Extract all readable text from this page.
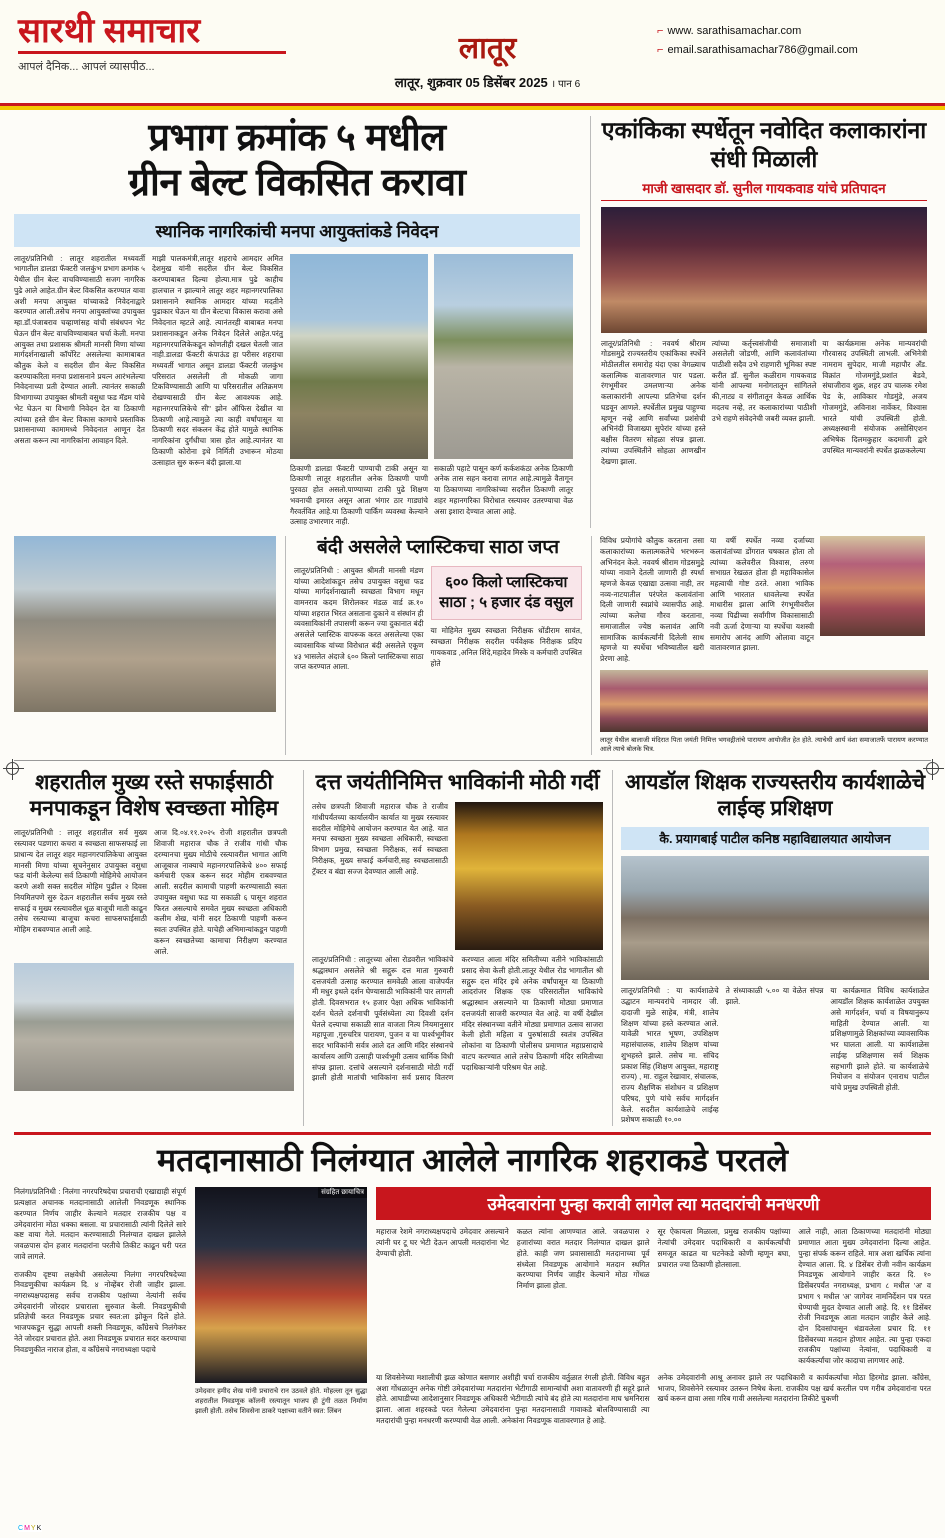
CMYK
सारथी समाचार
आपलं दैनिक... आपलं व्यासपीठ...
लातूर
लातूर, शुक्रवार 05 डिसेंबर 2025 । पान 6
⌐ www. sarathisamachar.com
⌐ email.sarathisamachar786@gmail.com
प्रभाग क्रमांक ५ मधील
ग्रीन बेल्ट विकसित करावा
स्थानिक नागरिकांची मनपा आयुक्तांकडे निवेदन
लातूर/प्रतिनिधी : लातूर शहरातील मध्यवर्ती भागातील डालडा फॅक्टरी जलकुंभ प्रभाग क्रमांक ५ येथील ग्रीन बेल्ट वाचविण्यासाठी सजग नागरिक पुढे आले आहेत.ग्रीन बेल्ट विकसित करण्यात यावा अशी मनपा आयुक्त यांच्याकडे निवेदनाद्वारे करण्यात आली.तसेच मनपा आयुक्तांच्या उपायुक्त म्हा.डॉ.पंजाबराव चव्हाणांसह यांची संबंधपन भेट घेऊन ग्रीन बेल्ट वाचविण्याबाबत चर्चा केली. मनपा आयुक्त तथा प्रशासक श्रीमती मानसी मिणा यांच्या मार्गदर्शनाखाली कॉर्पोरेट असलेल्या कामाबाबत कौतुक केले व सदरील ग्रीन बेल्ट विकसित करण्याकरिता मनपा प्रशासनाने प्रयत्न आरंभलेल्या निवेदनाच्या प्रती देण्यात आली. त्यानंतर सकाळी विभागाच्या उपायुक्त श्रीमती वसुधा फड मॅडम यांचे भेट घेऊन या विभागी निवेदन देत या ठिकाणी त्यांच्या हस्ते ग्रीन बेल्ट विकास कामाचे प्रस्ताविक प्रशासनाच्या कामामध्ये निवेदनात आणून देत असता करून त्या नागरिकांना आवाहन दिले.
माझी पालकमंत्री,लातूर शहराचे आमदार अमित देशमुख यांनी सदरील ग्रीन बेल्ट विकसित करण्याबाबत दिल्या होत्या.मात्र पुढे काहीच हालचाल न झाल्याने लातूर शहर महानगरपालिका प्रशासनाने स्थानिक आमदार यांच्या मदतीने पुढाकार घेऊन या ग्रीन बेल्टचा विकास करावा असे निवेदनात म्हटले आहे. त्यानंतरही बाबाबत मनपा प्रशासनाकडून अनेक निवेदन दिलेले आहेत.परंतु महानगरपालिकेकडून कोणतीही दखल घेतली जात नाही.डालडा फॅक्टरी कंपाऊंड हा परीसर शहराचा मध्यवर्ती भागात असून डालडा फॅक्टरी जलकुंभ परिसरात असलेली ती मोकळी जागा टिकविण्यासाठी आणि या परिसरातील अतिक्रमण रोखण्यासाठी ग्रीन बेल्ट आवश्यक आहे. महानगरपालिकेचे सी'' झोन ऑफिस देखील या ठिकाणी आहे.त्यामुळे त्या काही वर्षांपासून या ठिकाणी सदर संकलन केंद्र होते यामुळे स्थानिक नागरिकांना दुर्गंधीचा त्रास होत आहे.त्यानंतर या ठिकाणी कोरोना इथे निर्मिती उभारून मोठया उत्साहात सुरु करून बंदी झाला.या
ठिकाणी डालडा फॅक्टरी पाण्याची टाकी असून या ठिकाणी लातूर शहरातील अनेक ठिकाणी पाणी पुरवठा होत असतो.पाण्याच्या टाकी पुढे शिक्षण भवनाची इमारत असून आता भंगार ठार गाड्यांचे गैरवर्तवित आहे.या ठिकाणी पार्किंग व्यवस्था केल्याने उत्साह उभारणार नाही.
सकाळी पहाटे पासून कर्ण कर्कशकंठा अनेक ठिकाणी अनेक तास सहन करावा लागत आहे.त्यामुळे वैतागून या ठिकाणच्या नागरिकांच्या सदरील ठिकाणी लातूर शहर महानगरिका विरोधात रस्त्यावर उतरण्याचा वेळ असा इशारा देण्यात आला आहे.
एकांकिका स्पर्धेतून नवोदित कलाकारांना संधी मिळाली
माजी खासदार डॉ. सुनील गायकवाड यांचे प्रतिपादन
लातूर/प्रतिनिधी : नववर्ष श्रीराम गोडसमुद्रे राज्यस्तरीय एकांकिका स्पर्धेने मोठीलतील समारोह यंदा एका वेगळ्याच कलात्मिक वातावरणात पार पडला. रंगभूमीवर उमलणाऱ्या अनेक कलाकारांनी आपल्या प्रतिभेचा दर्शन घडवून आणले. स्पर्धेतील प्रमुख पाहुण्या म्हणून नव्हे आणि सर्वांच्या प्रशंसेची अभिनंदी विजाख्या सुपेरांर यांच्या हस्ते बक्षीस वितरण सोहळा संपन्न झाला. त्यांच्या उपस्थितीने सोहळा आणखीन देखणा झाला.
त्यांच्या कर्तृत्त्वसंजीची समाजाशी असलेली जोडणी, आणि कलावंतांच्या पाठीशी सदैव उभे राहणारी भूमिका स्पष्ट करीत डॉ. सुनील कळीराम गायकवाड यांनी आपल्या मनोगतातून सांगितले की,नाट्य व संगीतातून केवळ आर्थिक मदतच नव्हे, तर कलाकारांच्या पाठीशी उभे राहणे संवेदनेची जबरी व्यक्त झाली.
या कार्यक्रमास अनेक मान्यवरांची गौरवासद उपस्थिती लाभली. अभिनेत्री नामराम सुपेदार, माजी महापौर अँड. विक्रांत गोजमगुंडे,प्रशांत बेडवे, संघाजीराव शुक्र, शहर उप चालक रमेश पेड के, आविकार गोडमुंडे, अजय गोजमगुंडे, अविनाश नार्वेकर, विश्वास भारते यांची उपस्थिती होती. अध्यक्षस्थानी संयोजक असोसिएशन अभिषेक दिलमकुहार कदमाजी द्वारे उपस्थित मान्यवरांनी स्पर्धेत झळकलेल्या
बंदी असलेले प्लास्टिकचा साठा जप्त
लातूर/प्रतिनिधी : आयुक्त श्रीमती मानसी मंडण यांच्या आदेशांकडून तसेच उपायुक्त वसुधा फड यांच्या मार्गदर्शनाखाली स्वच्छता विभाग मधून वामनराव कदम शिरोलकर मंडळ वार्ड क्र.१० यांच्या शहरात भिरत असताना दुकाने व संस्थांन ही व्यवसायिकांनी तपासणी करून ज्या दुकानात बंदी असलेले प्लास्टिक वापरूक करत असलेल्या एका व्यावसायिक यांच्या विरोधात बंदी असलेले एकूण ४३ भासलेत अंदाजे ६०० किलो प्लास्टिकचा साठा जप्त करण्यात आला.
६०० किलो प्लास्टिकचा साठा ; ५ हजार दंड वसुल
या मोहिमेत मुख्य स्वच्छता निरीक्षक धोंडीराम सावंत, स्वच्छता निरीक्षक सदरील पर्यवेक्षक निरीक्षक प्रदिप गायकवाड ,अनिल शिंदे,महादेव मिस्के व कर्मचारी उपस्थित होते
विविध प्रयोगांचे कौतुक करताना तसा कलाकारांच्या कलात्मकतेचे भरभरून अभिनंदन केले. नववर्ष श्रीराम गोडसमुद्रे यांच्या नावाने देतली जाणारी ही स्पर्धा म्हणजे केवळ एखाद्या उत्सवा नाही, तर नव्य-नाटयातील परंपरेत कलावंतांना दिली जाणारी स्वप्नांचे व्यासपीठ आहे. त्यांच्या कलेचा गौरव करताना, समाजातील ज्येष्ठ कलावंत आणि सामाजिक कार्यकर्त्यांनी दिलेली साथ म्हणजे या स्पर्धेचा भविष्यातील खरी प्रेरणा आहे.
या वर्षी स्पर्धेत नव्या दर्जाच्या कलावंतांच्या डोंगरात चषकात होता तो त्यांच्या कलेवरील विश्वास, तरुण सभाग्रत रेखळत होता ही महाविकासेल महत्वाची गोष्ट ठरते. आशा भाविक आणि भारतात धावलेल्या स्पर्धेत माधारीस झाला आणि रंगभूमीवरील नव्या पिढीच्या सर्वांगीण विकासासाठी नवी ऊर्जा देणाऱ्या या स्पर्धेचा यशस्वी समारोप आनंद आणि ओलावा वाटून वातावरणात झाला.
लातूर येथील बालाजी मंदिरात पिता जयंती निमित्त भगवद्गीतांचे पारायण आयोजीत हेत होते. त्याचेथी आर्य वंशा समाजातर्फे पारायण करण्यात आले त्याचे बोलके चित्र.
शहरातील मुख्य रस्ते सफाईसाठी मनपाकडून विशेष स्वच्छता मोहिम
लातूर/प्रतिनिधी : लातूर शहरातील सर्व मुख्य रस्त्यावर पडणारा कचरा व स्वच्छता साफसफाई ला प्राधान्य देत लातूर शहर महानगरपालिकेचा आयुक्त मानसी मिणा यांच्या सूचनेनुसार उपायुक्त वसुधा फड यांनी केलेल्या सर्व ठिकाणी मोहिमेचे आयोजन करणे अशी सक्त सदरील मोहिम पुढील २ दिवस नियमितपणे सुरु देऊन शहरातील सर्वच मुख्य रस्ते सफाई व मुख्य रस्त्यावरील धूळ बाजूची माती काढून तसेच रस्त्याच्या बाजूचा कचरा साफसफाईसाठी मोहिम राबवण्यात आली आहे.
आज दि.०४.११.२०२५ रोजी शहरातील छत्रपती शिवाजी महाराज चौक ते राजीव गांधी चौक दरम्यानचा मुख्य मोठीचे रस्त्यावरील भागात आणि आजूबाज नाक्याचे महानगरपालिकेचे ४०० सफाई कर्मचारी एकत्र करून सदर मोहीम राबवण्यात आली. सदरील कामाची पाहणी करण्यासाठी स्वतः उपायुक्त वसुधा फड या सकाळी ६ पासून शहरात फिरत असल्याचे समवेत मुख्य स्वच्छता अधिकारी कलीम शेख, यांनी सदर ठिकाणी पाहणी करून स्वतः उपस्थित होते. याचेही अभिमान्यांकडून पाहणी करून स्वच्छतेच्या कामाचा निरीक्षण करण्यात आले.
दत्त जयंतीनिमित्त भाविकांनी मोठी गर्दी
तसेच छत्रपती शिवाजी महाराज चौक ते राजीव गांधीपर्यंतच्या कार्यालयीन कार्यात या मुख्य रस्त्यावर सदरील मोहिमेचे आयोजन करण्यात येत आहे. यात मनपा स्वच्छता मुख्य स्वच्छता अधिकारी, स्वच्छता विभाग प्रमुख, स्वच्छता निरीक्षक, सर्व स्वच्छता निरीक्षक, मुख्य सफाई कर्मचारी,सह स्वच्छतासाठी ट्रॅक्टर व बंद्या सज्ज देवण्यात आली आहे.
लातूर/प्रतिनिधी : लातूरच्या ओसा रोडवरील भाविकांचे श्रद्धास्थान असलेले श्री सद्गुरू दत्त माता गुरुवारी दत्तजयंती उत्साह करण्यात समवेळी आला वाजेपर्यंत मी मधुर इथले दर्शन घेण्यासाठी भाविकांनी पार लागली होती. दिवसभरात १५ हजार पेक्षा अधिक भाविकांनी दर्शन घेतले दर्शनाची पूर्वसंध्येला त्या दिवशी दर्शन घेतले दत्त्याचा सकाळी सात वाजता नित्य नियमानुसार महापूजा ,गुरुचरित्र पारायण, पुजन व या पार्श्वभूमीवर सदर भाविकांनी सर्वत्र आले दत आणि मंदिर संस्थानचे कार्यालय आणि उत्साही पार्श्वभूमी उत्सव धार्मिक विधी संपन्न झाला. दत्तांचे असल्याने दर्शनासाठी मोठी गर्दी झाली होती मातांची भाविकांना सर्व प्रसाद वितरण करण्यात आला मंदिर समितीच्या वतीने भाविकांसाठी प्रसाद सेवा केली होती.लातूर येथील रोड भागातील श्री सद्गुरू दत्त मंदिर इथे अनेक वर्षांपासून या ठिकाणी आदरांजर शिक्षक एक परिसरातील भाविकांचे श्रद्धास्थान असल्याने या ठिकाणी मोठ्या प्रमाणात दत्तजयंती साजरी करण्यात येत आहे. या वर्षी देखील मंदिर संस्थानच्या वतीने मोठ्या प्रमाणात उत्सव साजरा केली होती महिला व पुरुषांसाठी स्वतंत्र उपस्थित लोकांना या ठिकाणी पोलीसच प्रमाणात महाप्रसादाचे वाटप करण्यात आले तसेच ठिकाणी मंदिर समितीच्या पदाधिकाऱ्यांनी परिश्रम घेत आहे.
आयडॉल शिक्षक राज्यस्तरीय कार्यशाळेचे लाईव्ह प्रशिक्षण
कै. प्रयागबाई पाटील कनिष्ठ महाविद्यालयात आयोजन
लातूर/प्रतिनिधी : या कार्यशाळेचे उद्घाटन मान्यवरांचे नामदार जी. दादाजी मुळे साहेब, मंत्री, शालेय शिक्षण यांच्या हस्ते करण्यात आले. यावेळी भारत भूषण, उपशिक्षण महासंचालक, शालेय शिक्षण यांच्या शुभहस्ते झाले. तसेच मा. संचिद प्रकाश सिंह (शिक्षण आयुक्त, महाराष्ट्र राज्य) , मा. राहुल रेखावार, संचालक, राज्य शैक्षणिक संशोधन व प्रशिक्षण परिषद, पुणे यांचे सर्वच मार्गदर्शन केले. सदरील कार्यशाळेचे लाईव्ह प्रशेषण सकाळी १०.००
ते संध्याकाळी ५.०० या वेळेत संपन्न झाले.
या कार्यक्रमात विविध कार्यशाळेत आयडॉल शिक्षक कार्यशाळेत उपयुक्त असे मार्गदर्शन, चर्चा व विषयानुरूप माहिती देण्यात आली. या प्रशिक्षणामुळे शिक्षकांच्या व्यावसायिक भर घालता आली. या कार्यशाळेस लाईव्ह प्रशिक्षणास सर्व शिक्षक सहभागी झाले होते. या कार्यशाळेचे नियोजन व संयोजन एनाराथ पाटील यांचे प्रमुख उपस्थिती होती.
मतदानासाठी निलंग्यात आलेले नागरिक शहराकडे परतले
निलंगा/प्रतिनिधी : निलंगा नगरपरिषदेचा प्रचाराची एखाद्याही संपूर्ण प्रत्यक्षात अचानक मतदानासाठी आलेली निवडणूक स्थानिक करण्यात निर्णय जाहीर केल्याने मतदार राजकीय पक्ष व उमेदवारांना मोठा धक्का बसला. या प्रचारासाठी त्यांनी दिलेले सारे कष्ट वाया गेले. मतदान करण्यासाठी निलंग्यात दाखल झालेले जवळपास दोन हजार मतदारांना परतीचे तिकीट काढून घरी परत जावे लागले.
राजकीय दृष्टया लक्षवेधी असलेल्या निलंगा नगरपरिषदेच्या निवडणुकीचा कार्यक्रम दि. ४ नोव्हेंबर रोजी जाहीर झाला. नगराध्यक्षपदासह सर्वच राजकीय पक्षांच्या नेत्यांनी सर्वच उमेदवारांनी जोरदार प्रचाराला सुरुवात केली. निवडणुकीची प्रतिज्ञेची करत निवडणूक प्रचार स्वत:ला झोकून दिले होते. भाजपकडून सुद्धा आपली शक्ती निवडणूक, काँग्रेसचे निलंगेकर नेते जोरदार प्रचारात होते. अशा निवडणूक प्रचारात सदर करण्याचा निवडणुकीत नाराज होता, व काँग्रेसचे नगराध्यक्षा पदाचे
संग्रहित छायाचित्र
उमेदवार हमीद शेख यांनी प्रचाराचे रान उठवले होते. मोहल्ला तून सुद्धा शहरातील निवडणूक कॉलनी रस्त्यातून भाजप ही टुंगी तळत निर्माण झाली होती. तसेच शिवसेना ठाकरे पक्षाच्या वतीने स्वत: लिंबन
उमेदवारांना पुन्हा करावी लागेल त्या मतदारांची मनधरणी
महाराज रेशमे नगराध्यक्षपदाचे उमेदवार असल्याने त्यांनी घर टू घर भेटी देऊन आपली मतदारांना भेट देण्याची होती.
कळत त्यांना आणण्यात आले. जवळपास २ हजारांच्या वरात मतदार निलंग्यात दाखल झाले होते. काही जण प्रवासासाठी मतदानाच्या पूर्व संध्येला निवडणूक आयोगाने मतदान स्थगित करण्याचा निर्णय जाहीर केल्याने मोठा गोंधळ निर्माण झाला होता.
सूर ऐकायला मिळाला, प्रमुख राजकीय पक्षांच्या नेत्यांची उमेदवार पदाधिकारी व कार्यकर्त्यांची समजूत काढत या घटनेकडे कोणी म्हणून बघा, प्रचारात ज्या ठिकाणी होतसाला.
आले नाही, आता ठिकाणच्या मतदारांनी मोठ्या प्रमाणात आता मुख्य उमेदवारांना दिल्या आहेत. पुन्हा संपर्क करून राहिले. मात्र अशा खर्चिक त्यांना देण्यात आला. दि. ४ डिसेंबर रोजी नवीन कार्यक्रम निवडणूक आयोगाने जाहीर करत दि. १० डिसेंबरपर्यंत नगराध्यक्ष, प्रभाग ८ मधील 'अ' व प्रभाग ९ मधील 'अ' जागेवर नामनिर्देशन पत्र परत घेण्याची मुदत देण्यात आली आहे. दि. ११ डिसेंबर रोजी निवडणूक आता मतदान जाहीर केले आहे. दोन दिवसांपासून थंडावलेला प्रचार दि. ११ डिसेंबरच्या मतदान होणार आहेत. त्या पुन्हा एकदा राजकीय पक्षांच्या नेत्यांना, पदाधिकारी व कार्यकर्त्यांचा जोर कादाचा लागणार आहे.
या शिवसेनेच्या मशालीची झळ कोणात बसणार अशीही चर्चा राजकीय वर्तुळात रंगली होती. विविध बहुत अशा गोंधळातून अनेक गोष्टी उमेदवारांच्या मतदारांना भेटीगाठी सामान्यांची अशा वातावरणी ही सहूरे झाले होते. आघाडीच्या आदेशानुसार निवडणूक अधिकारी भेटीगाठी त्यांचे बंद होते त्या मतदारांना माघ भ्रमनिरास झाला. आता शहरकडे परत गेलेल्या उमेदवारांना पुन्हा मतदानासाठी गावाकडे बोलविण्यासाठी त्या मतदारांची पुन्हा मनधरणी करण्याची वेळ आली. अनेकांना निवडणूक वातावरणात हे आहे.
अनेक उमेदवारांनी आश्रू अनावर झाले तर पदाधिकारी व कार्यकर्त्यांचा मोठा हिरमोड झाला. काँग्रेस, भाजप, शिवसेनेने रस्त्यावर उतरून निषेध केला. राजकीय पक्ष खर्च करतील पण गरीब उमेदवारांना परत खर्च करून द्यावा असा गरिब गावी असलेल्या मतदारांना तिकीटे चुकणी
